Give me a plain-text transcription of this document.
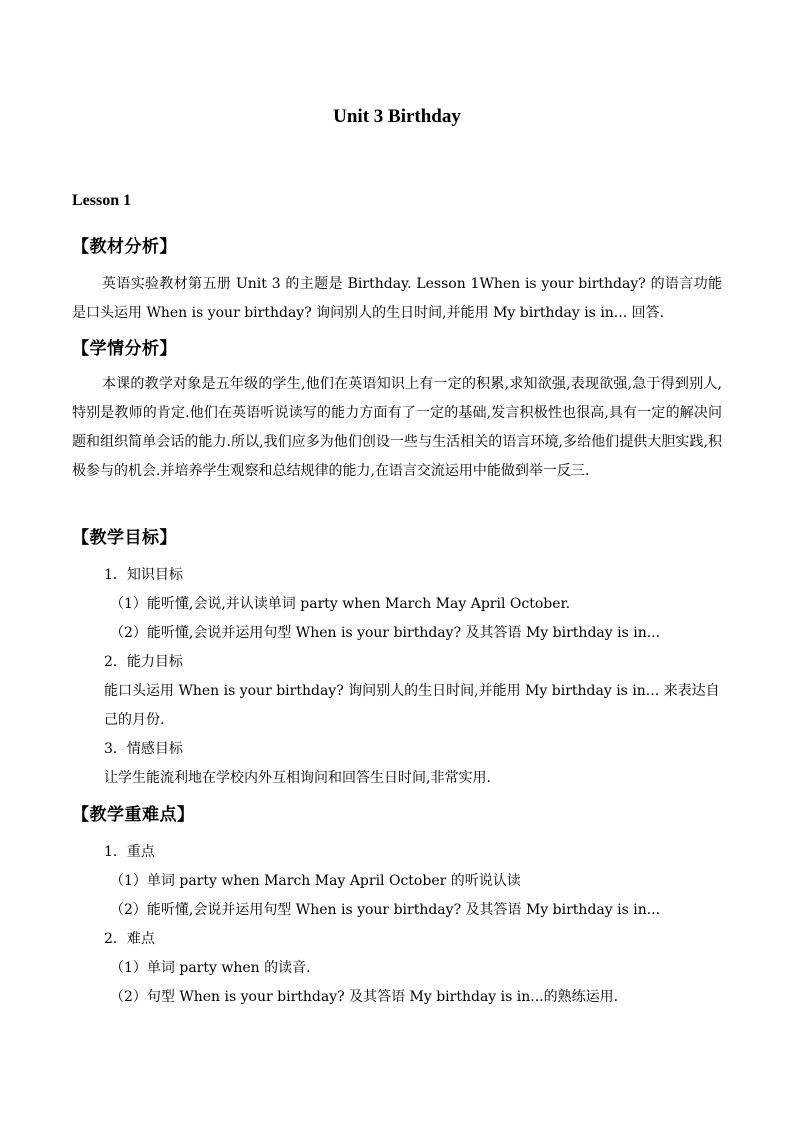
Unit 3 Birthday
Lesson 1
【教材分析】

英语实验教材第五册 Unit 3 的主题是 Birthday. Lesson 1When is your birthday? 的语言功能是口头运用 When is your birthday? 询问别人的生日时间,并能用 My birthday is in... 回答.

【学情分析】

本课的教学对象是五年级的学生,他们在英语知识上有一定的积累,求知欲强,表现欲强,急于得到别人,特别是教师的肯定.他们在英语听说读写的能力方面有了一定的基础,发言积极性也很高,具有一定的解决问题和组织简单会话的能力.所以,我们应多为他们创设一些与生活相关的语言环境,多给他们提供大胆实践,积极参与的机会.并培养学生观察和总结规律的能力,在语言交流运用中能做到举一反三.

【教学目标】
1．知识目标
（1）能听懂,会说,并认读单词 party when March May April October.
（2）能听懂,会说并运用句型 When is your birthday? 及其答语 My birthday is in...
2．能力目标
能口头运用 When is your birthday? 询问别人的生日时间,并能用 My birthday is in... 来表达自
己的月份.
3．情感目标
让学生能流利地在学校内外互相询问和回答生日时间,非常实用.
【教学重难点】
1．重点
（1）单词 party when March May April October 的听说认读
（2）能听懂,会说并运用句型 When is your birthday? 及其答语 My birthday is in...
2．难点
（1）单词 party when 的读音.
（2）句型 When is your birthday? 及其答语 My birthday is in...的熟练运用.
